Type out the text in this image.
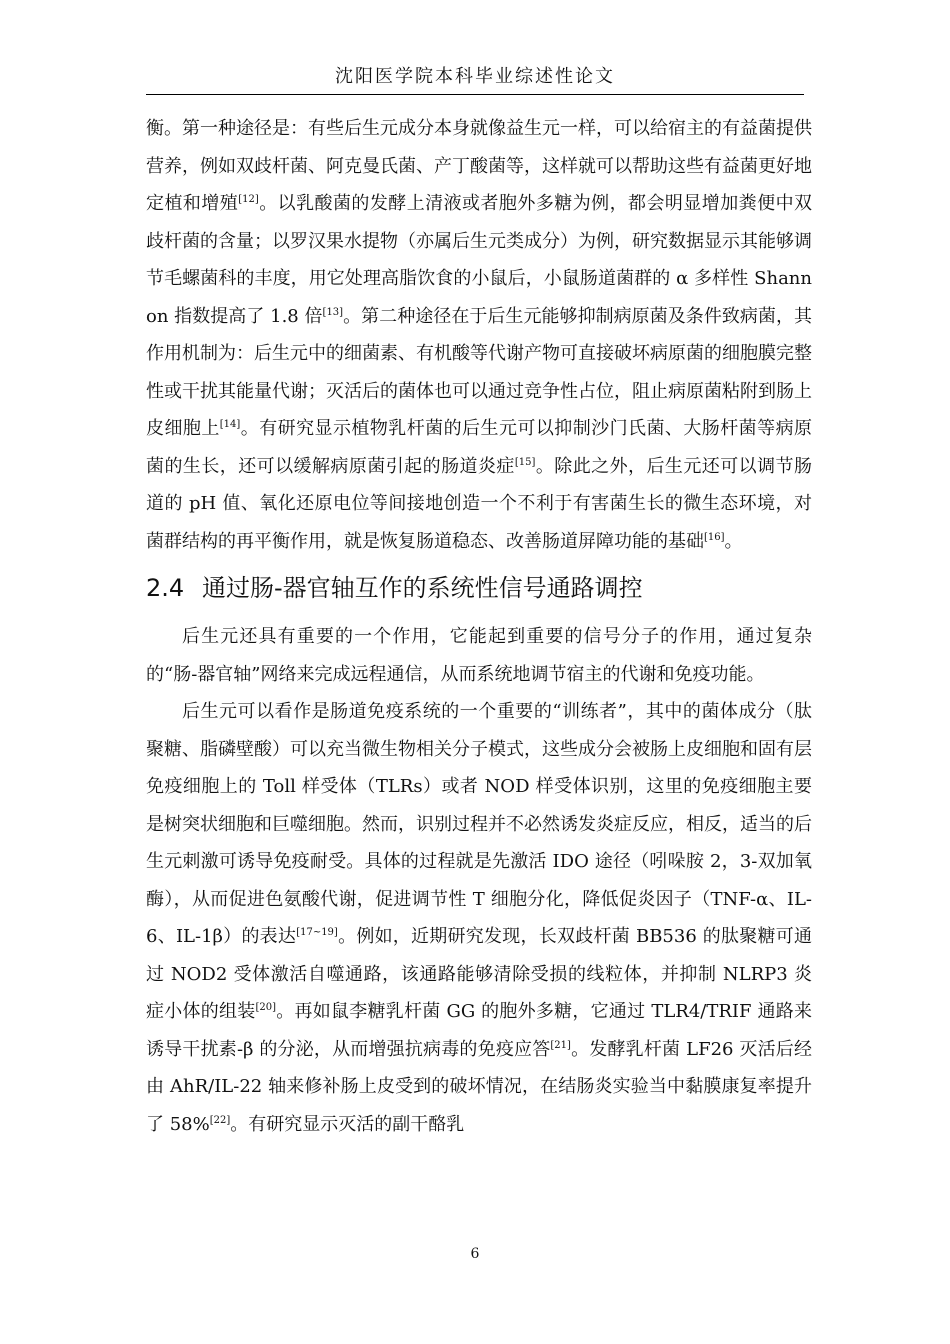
沈阳医学院本科毕业综述性论文

衡。第一种途径是：有些后生元成分本身就像益生元一样，可以给宿主的有益菌提供营养，例如双歧杆菌、阿克曼氏菌、产丁酸菌等，这样就可以帮助这些有益菌更好地定植和增殖[12]。以乳酸菌的发酵上清液或者胞外多糖为例，都会明显增加粪便中双歧杆菌的含量；以罗汉果水提物（亦属后生元类成分）为例，研究数据显示其能够调节毛螺菌科的丰度，用它处理高脂饮食的小鼠后，小鼠肠道菌群的 α 多样性 Shannon 指数提高了 1.8 倍[13]。第二种途径在于后生元能够抑制病原菌及条件致病菌，其作用机制为：后生元中的细菌素、有机酸等代谢产物可直接破坏病原菌的细胞膜完整性或干扰其能量代谢；灭活后的菌体也可以通过竞争性占位，阻止病原菌粘附到肠上皮细胞上[14]。有研究显示植物乳杆菌的后生元可以抑制沙门氏菌、大肠杆菌等病原菌的生长，还可以缓解病原菌引起的肠道炎症[15]。除此之外，后生元还可以调节肠道的 pH 值、氧化还原电位等间接地创造一个不利于有害菌生长的微生态环境，对菌群结构的再平衡作用，就是恢复肠道稳态、改善肠道屏障功能的基础[16]。

2.4 通过肠-器官轴互作的系统性信号通路调控

后生元还具有重要的一个作用，它能起到重要的信号分子的作用，通过复杂的“肠-器官轴”网络来完成远程通信，从而系统地调节宿主的代谢和免疫功能。

后生元可以看作是肠道免疫系统的一个重要的“训练者”，其中的菌体成分（肽聚糖、脂磷壁酸）可以充当微生物相关分子模式，这些成分会被肠上皮细胞和固有层免疫细胞上的 Toll 样受体（TLRs）或者 NOD 样受体识别，这里的免疫细胞主要是树突状细胞和巨噬细胞。然而，识别过程并不必然诱发炎症反应，相反，适当的后生元刺激可诱导免疫耐受。具体的过程就是先激活 IDO 途径（吲哚胺 2，3-双加氧酶），从而促进色氨酸代谢，促进调节性 T 细胞分化，降低促炎因子（TNF-α、IL-6、IL-1β）的表达[17~19]。例如，近期研究发现，长双歧杆菌 BB536 的肽聚糖可通过 NOD2 受体激活自噬通路，该通路能够清除受损的线粒体，并抑制 NLRP3 炎症小体的组装[20]。再如鼠李糖乳杆菌 GG 的胞外多糖，它通过 TLR4/TRIF 通路来诱导干扰素-β 的分泌，从而增强抗病毒的免疫应答[21]。发酵乳杆菌 LF26 灭活后经由 AhR/IL-22 轴来修补肠上皮受到的破坏情况，在结肠炎实验当中黏膜康复率提升了 58%[22]。有研究显示灭活的副干酪乳

6
